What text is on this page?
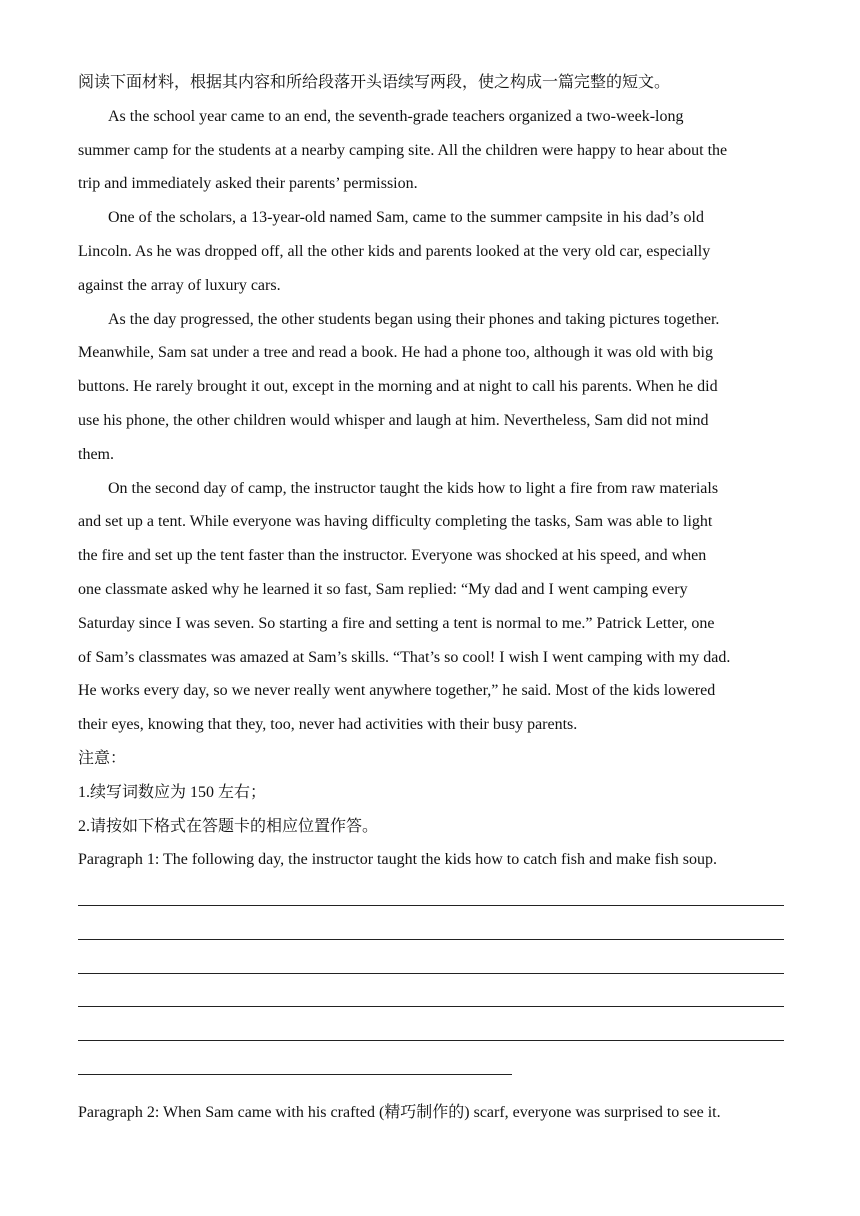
阅读下面材料，根据其内容和所给段落开头语续写两段，使之构成一篇完整的短文。

As the school year came to an end, the seventh-grade teachers organized a two-week-long

summer camp for the students at a nearby camping site. All the children were happy to hear about the

trip and immediately asked their parents’ permission.

One of the scholars, a 13-year-old named Sam, came to the summer campsite in his dad’s old

Lincoln. As he was dropped off, all the other kids and parents looked at the very old car, especially

against the array of luxury cars.

As the day progressed, the other students began using their phones and taking pictures together.

Meanwhile, Sam sat under a tree and read a book. He had a phone too, although it was old with big

buttons. He rarely brought it out, except in the morning and at night to call his parents. When he did

use his phone, the other children would whisper and laugh at him. Nevertheless, Sam did not mind

them.

On the second day of camp, the instructor taught the kids how to light a fire from raw materials

and set up a tent. While everyone was having difficulty completing the tasks, Sam was able to light

the fire and set up the tent faster than the instructor. Everyone was shocked at his speed, and when

one classmate asked why he learned it so fast, Sam replied: “My dad and I went camping every

Saturday since I was seven. So starting a fire and setting a tent is normal to me.” Patrick Letter, one

of Sam’s classmates was amazed at Sam’s skills. “That’s so cool! I wish I went camping with my dad.

He works every day, so we never really went anywhere together,” he said. Most of the kids lowered

their eyes, knowing that they, too, never had activities with their busy parents.

注意：

1.续写词数应为 150 左右；

2.请按如下格式在答题卡的相应位置作答。

Paragraph 1: The following day, the instructor taught the kids how to catch fish and make fish soup.

Paragraph 2: When Sam came with his crafted (精巧制作的) scarf, everyone was surprised to see it.
